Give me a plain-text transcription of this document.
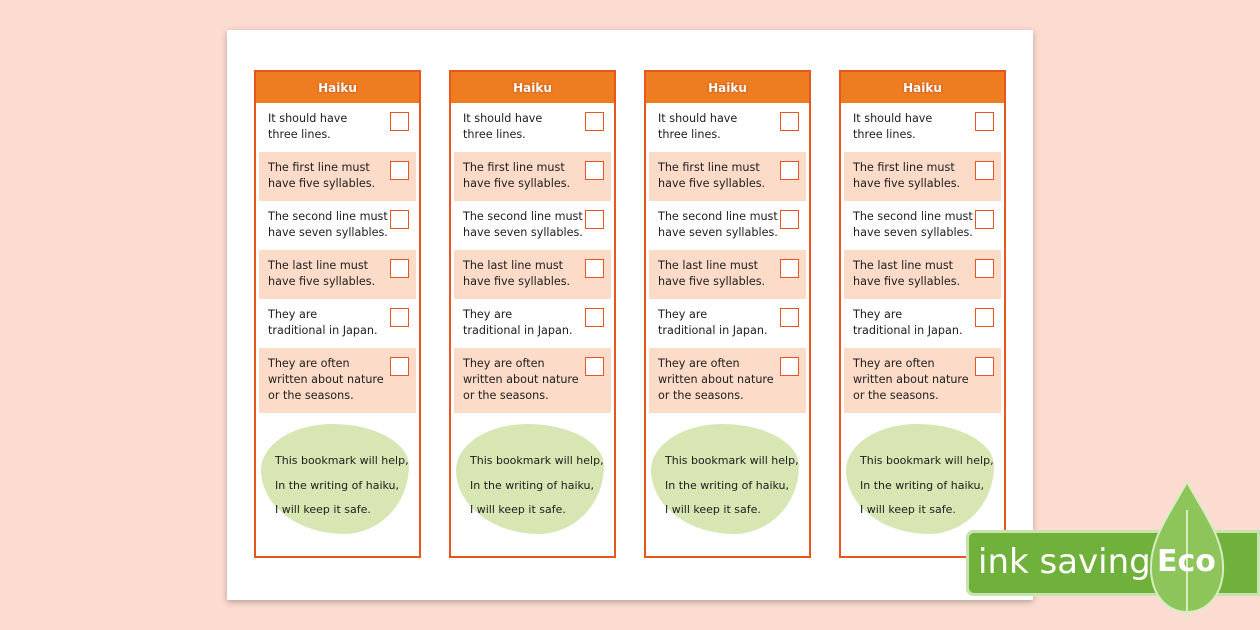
Haiku
It should have
three lines.
The first line must
have five syllables.
The second line must
have seven syllables.
The last line must
have five syllables.
They are
traditional in Japan.
They are often
written about nature
or the seasons.
This bookmark will help,
In the writing of haiku,
I will keep it safe.
Haiku
It should have
three lines.
The first line must
have five syllables.
The second line must
have seven syllables.
The last line must
have five syllables.
They are
traditional in Japan.
They are often
written about nature
or the seasons.
This bookmark will help,
In the writing of haiku,
I will keep it safe.
Haiku
It should have
three lines.
The first line must
have five syllables.
The second line must
have seven syllables.
The last line must
have five syllables.
They are
traditional in Japan.
They are often
written about nature
or the seasons.
This bookmark will help,
In the writing of haiku,
I will keep it safe.
Haiku
It should have
three lines.
The first line must
have five syllables.
The second line must
have seven syllables.
The last line must
have five syllables.
They are
traditional in Japan.
They are often
written about nature
or the seasons.
This bookmark will help,
In the writing of haiku,
I will keep it safe.
ink saving Eco
